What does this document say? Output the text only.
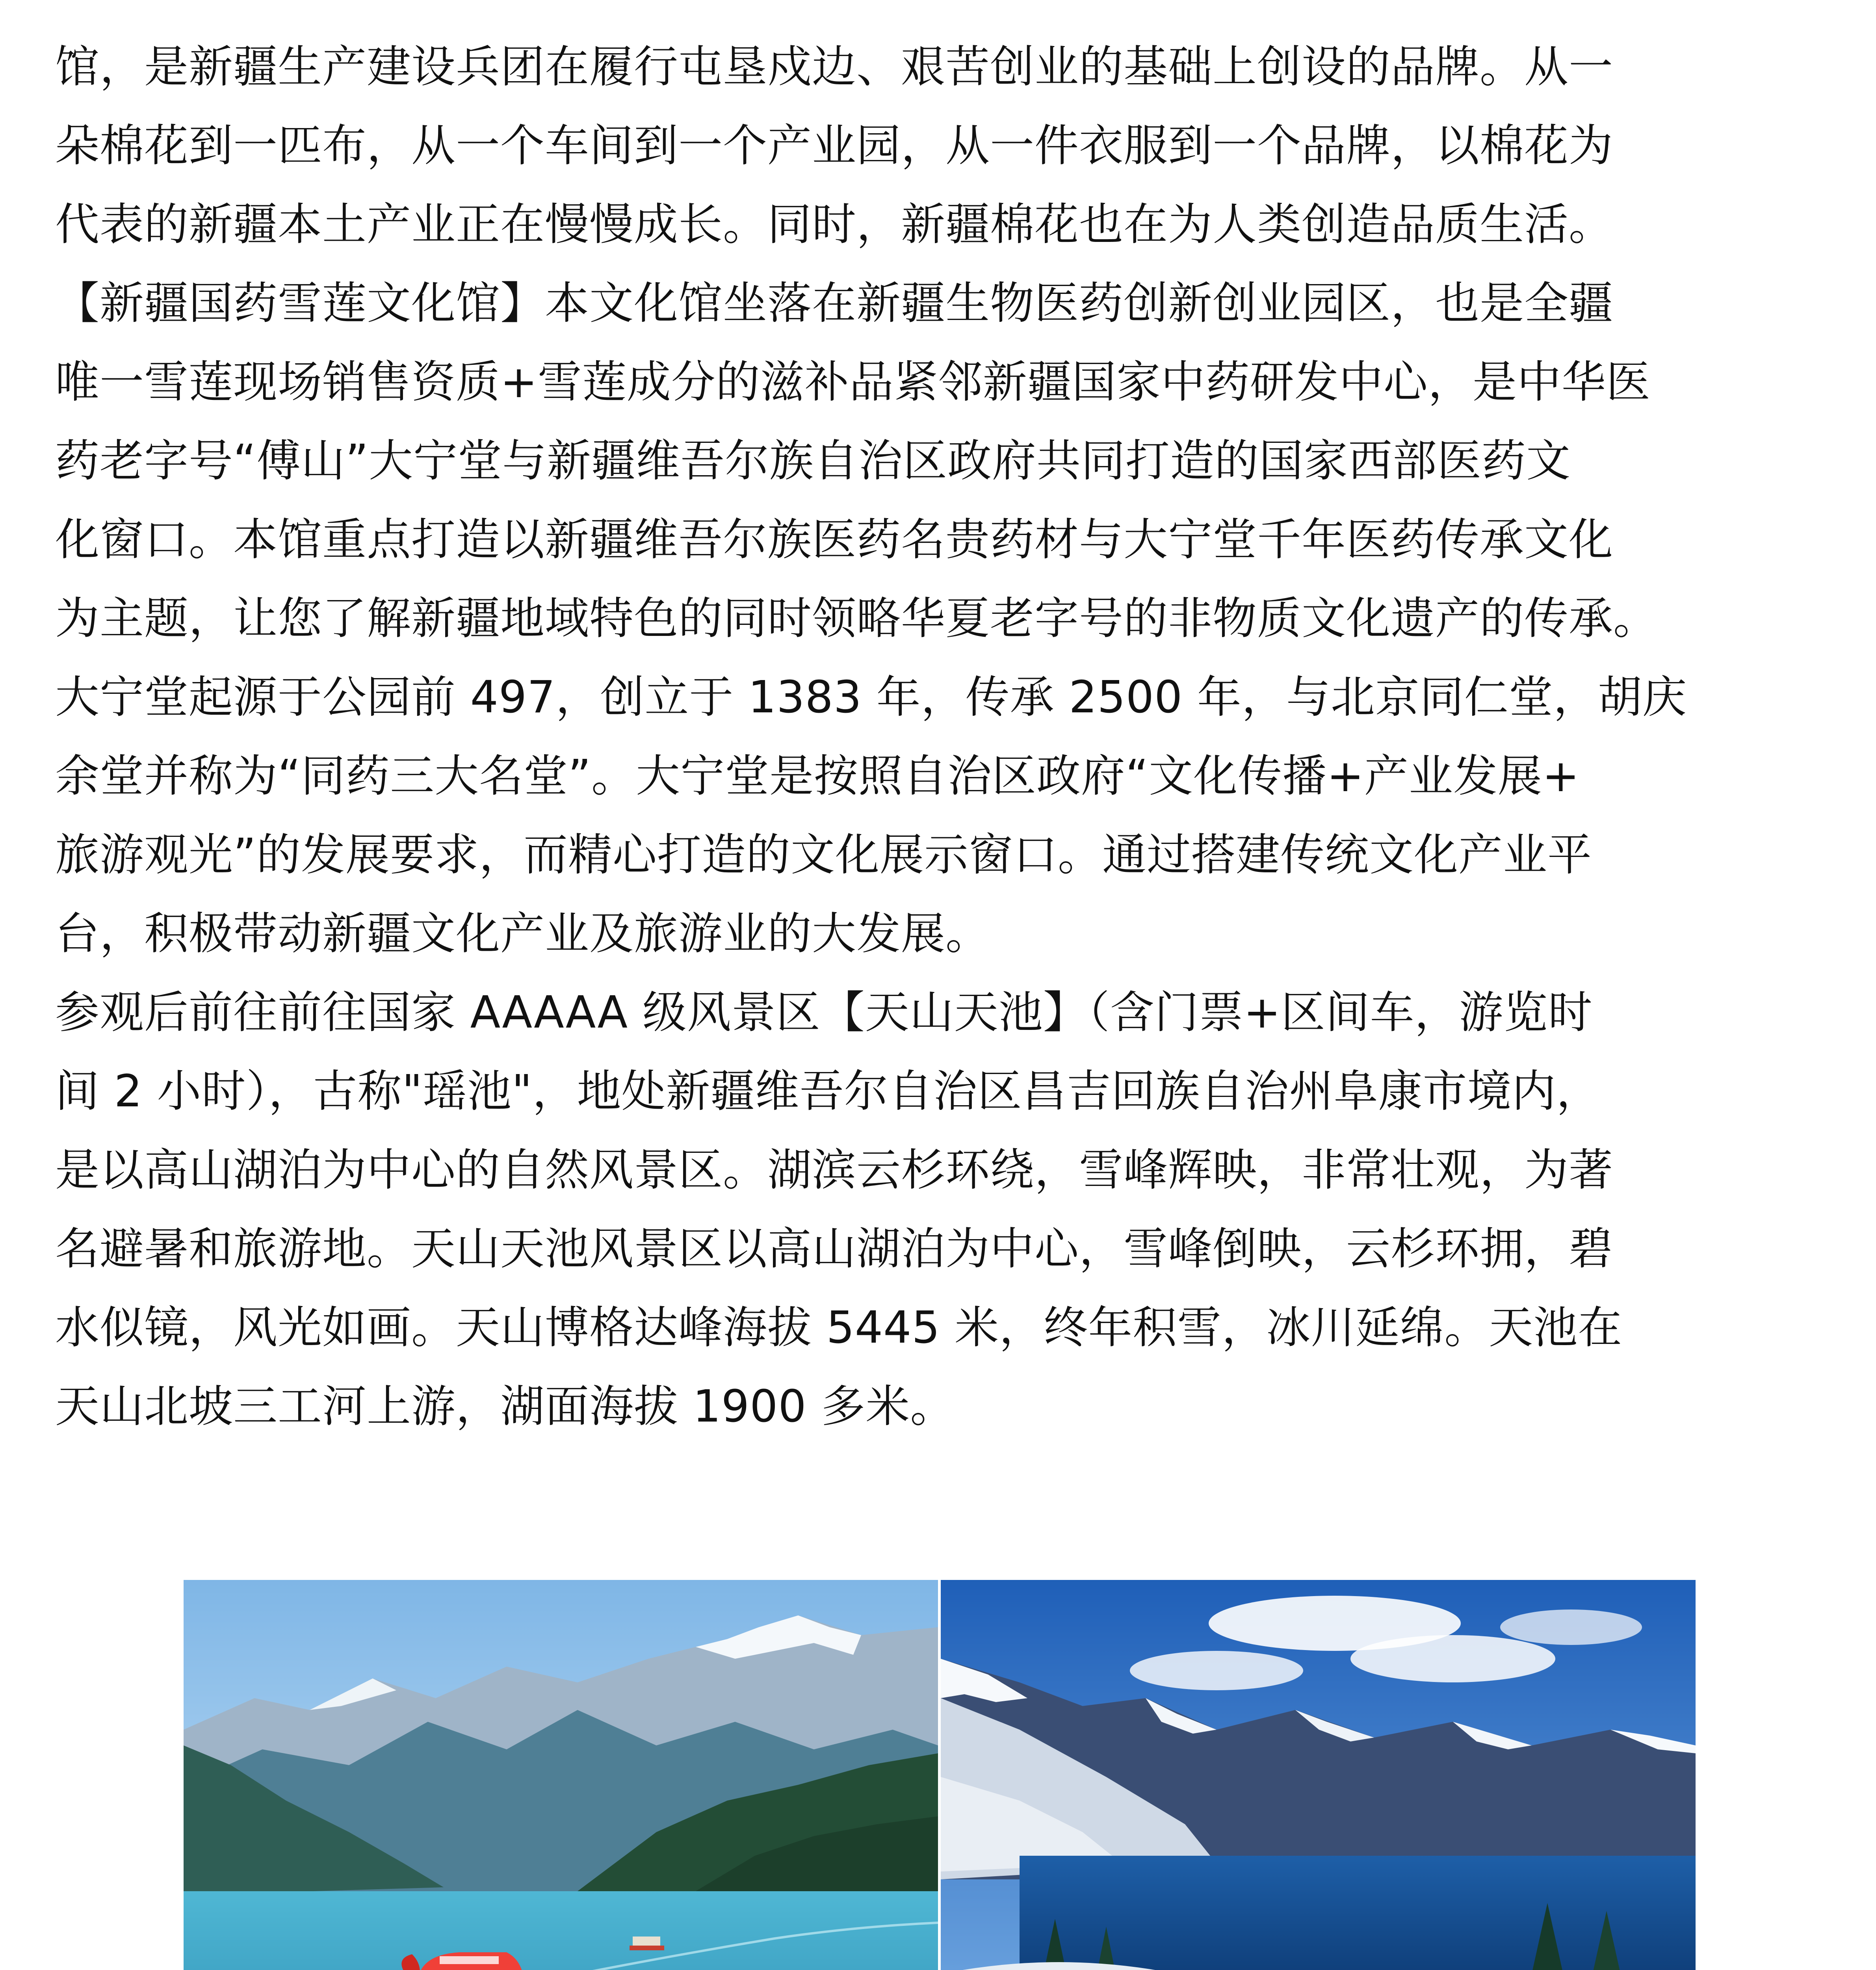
馆，是新疆生产建设兵团在履行屯垦戍边、艰苦创业的基础上创设的品牌。从一
朵棉花到一匹布，从一个车间到一个产业园，从一件衣服到一个品牌，以棉花为
代表的新疆本土产业正在慢慢成长。同时，新疆棉花也在为人类创造品质生活。
【新疆国药雪莲文化馆】本文化馆坐落在新疆生物医药创新创业园区，也是全疆
唯一雪莲现场销售资质+雪莲成分的滋补品紧邻新疆国家中药研发中心，是中华医
药老字号“傅山”大宁堂与新疆维吾尔族自治区政府共同打造的国家西部医药文
化窗口。本馆重点打造以新疆维吾尔族医药名贵药材与大宁堂千年医药传承文化
为主题，让您了解新疆地域特色的同时领略华夏老字号的非物质文化遗产的传承。
大宁堂起源于公园前 497，创立于 1383 年，传承 2500 年，与北京同仁堂，胡庆
余堂并称为“同药三大名堂”。大宁堂是按照自治区政府“文化传播+产业发展+
旅游观光”的发展要求，而精心打造的文化展示窗口。通过搭建传统文化产业平
台，积极带动新疆文化产业及旅游业的大发展。
参观后前往前往国家 AAAAA 级风景区【天山天池】（含门票+区间车，游览时
间 2 小时），古称"瑶池"，地处新疆维吾尔自治区昌吉回族自治州阜康市境内，
是以高山湖泊为中心的自然风景区。湖滨云杉环绕，雪峰辉映，非常壮观，为著
名避暑和旅游地。天山天池风景区以高山湖泊为中心，雪峰倒映，云杉环拥，碧
水似镜，风光如画。天山博格达峰海拔 5445 米，终年积雪，冰川延绵。天池在
天山北坡三工河上游，湖面海拔 1900 多米。
